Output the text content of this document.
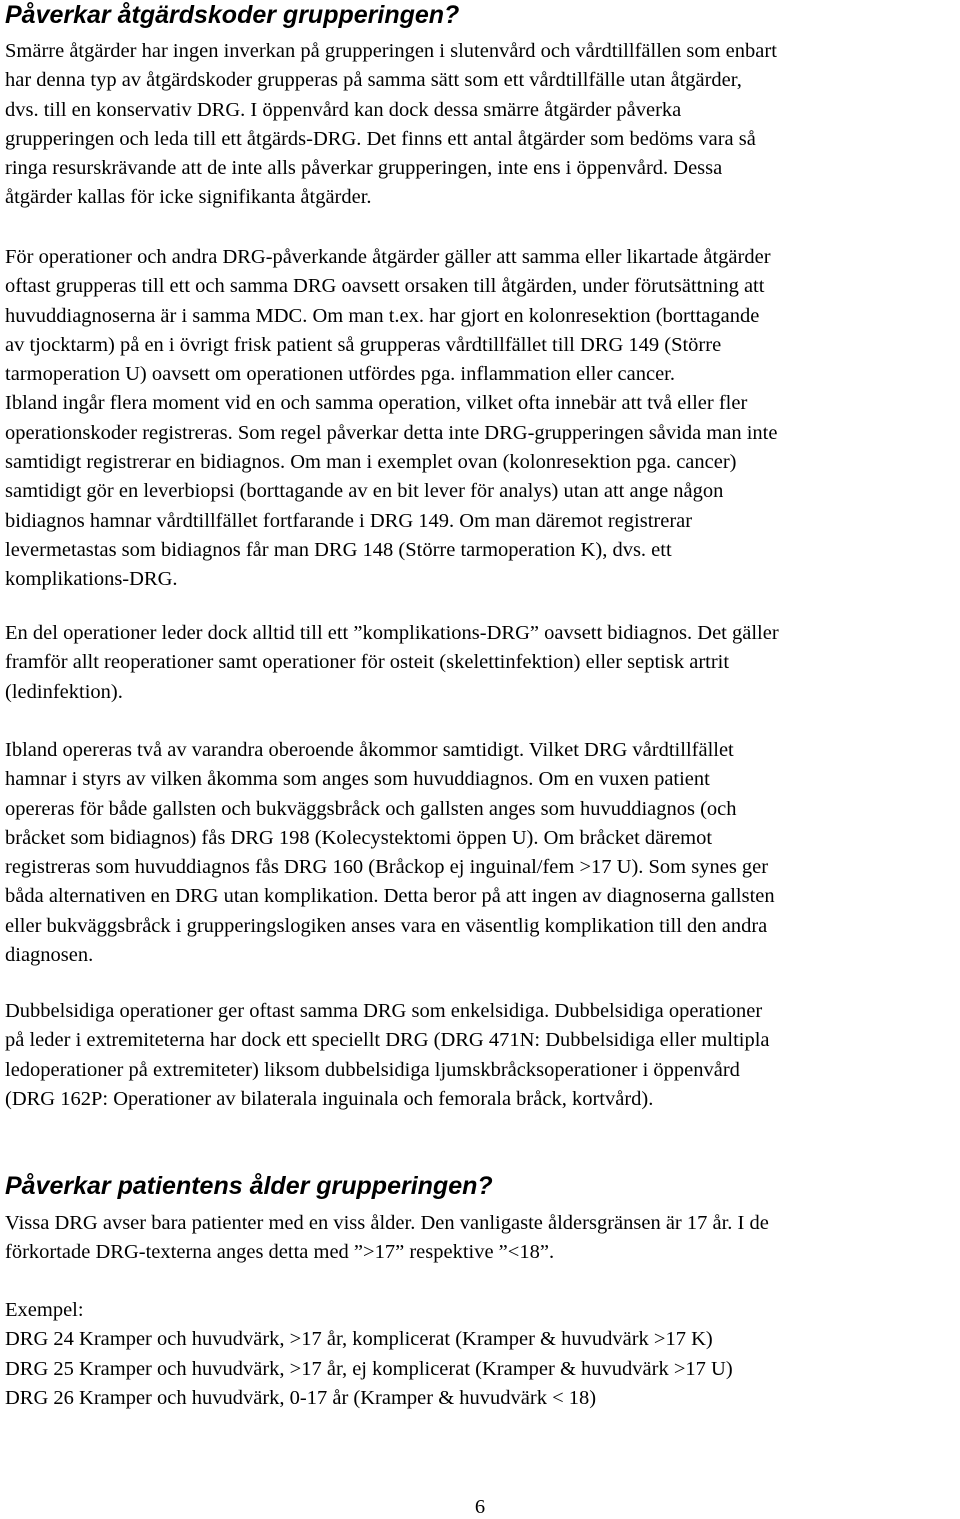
Påverkar åtgärdskoder grupperingen?
Smärre åtgärder har ingen inverkan på grupperingen i slutenvård och vårdtillfällen som enbart
har denna typ av åtgärdskoder grupperas på samma sätt som ett vårdtillfälle utan åtgärder,
dvs. till en konservativ DRG. I öppenvård kan dock dessa smärre åtgärder påverka
grupperingen och leda till ett åtgärds-DRG. Det finns ett antal åtgärder som bedöms vara så
ringa resurskrävande att de inte alls påverkar grupperingen, inte ens i öppenvård. Dessa
åtgärder kallas för icke signifikanta åtgärder.
För operationer och andra DRG-påverkande åtgärder gäller att samma eller likartade åtgärder
oftast grupperas till ett och samma DRG oavsett orsaken till åtgärden, under förutsättning att
huvuddiagnoserna är i samma MDC. Om man t.ex. har gjort en kolonresektion (borttagande
av tjocktarm) på en i övrigt frisk patient så grupperas vårdtillfället till DRG 149 (Större
tarmoperation U) oavsett om operationen utfördes pga. inflammation eller cancer.
Ibland ingår flera moment vid en och samma operation, vilket ofta innebär att två eller fler
operationskoder registreras. Som regel påverkar detta inte DRG-grupperingen såvida man inte
samtidigt registrerar en bidiagnos. Om man i exemplet ovan (kolonresektion pga. cancer)
samtidigt gör en leverbiopsi (borttagande av en bit lever för analys) utan att ange någon
bidiagnos hamnar vårdtillfället fortfarande i DRG 149. Om man däremot registrerar
levermetastas som bidiagnos får man DRG 148 (Större tarmoperation K), dvs. ett
komplikations-DRG.
En del operationer leder dock alltid till ett ”komplikations-DRG” oavsett bidiagnos. Det gäller
framför allt reoperationer samt operationer för osteit (skelettinfektion) eller septisk artrit
(ledinfektion).
Ibland opereras två av varandra oberoende åkommor samtidigt. Vilket DRG vårdtillfället
hamnar i styrs av vilken åkomma som anges som huvuddiagnos. Om en vuxen patient
opereras för både gallsten och bukväggsbråck och gallsten anges som huvuddiagnos (och
bråcket som bidiagnos) fås DRG 198 (Kolecystektomi öppen U). Om bråcket däremot
registreras som huvuddiagnos fås DRG 160 (Bråckop ej inguinal/fem >17 U). Som synes ger
båda alternativen en DRG utan komplikation. Detta beror på att ingen av diagnoserna gallsten
eller bukväggsbråck i grupperingslogiken anses vara en väsentlig komplikation till den andra
diagnosen.
Dubbelsidiga operationer ger oftast samma DRG som enkelsidiga. Dubbelsidiga operationer
på leder i extremiteterna har dock ett speciellt DRG (DRG 471N: Dubbelsidiga eller multipla
ledoperationer på extremiteter) liksom dubbelsidiga ljumskbråcksoperationer i öppenvård
(DRG 162P: Operationer av bilaterala inguinala och femorala bråck, kortvård).
Påverkar patientens ålder grupperingen?
Vissa DRG avser bara patienter med en viss ålder. Den vanligaste åldersgränsen är 17 år. I de
förkortade DRG-texterna anges detta med ”>17” respektive ”<18”.
Exempel:
DRG 24 Kramper och huvudvärk, >17 år, komplicerat (Kramper & huvudvärk >17 K)
DRG 25 Kramper och huvudvärk, >17 år, ej komplicerat (Kramper & huvudvärk >17 U)
DRG 26 Kramper och huvudvärk, 0-17 år (Kramper & huvudvärk < 18)
6
